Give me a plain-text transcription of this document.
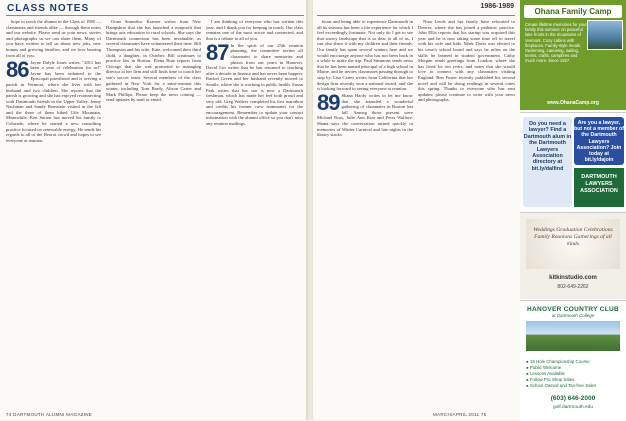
CLASS NOTES

hope to reach the alumni in the Class of 1985 — classmates and friends alike — through these notes and our website. Please send us your news, stories and photographs so we can share them. Many of you have written to tell us about new jobs, new homes and growing families, and we love hearing from all of you.

86 Jayne Dalyle Jones writes, "2011 has been a year of celebration for us!" Jayne has been ordained to the Episcopal priesthood and is serving a parish in Vermont, where she lives with her husband and two children. She reports that the parish is growing and she has enjoyed reconnecting with Dartmouth friends in the Upper Valley. Jenny Nachman and Sandy Bernstein visited in the fall and the three of them hiked Gile Mountain. Meanwhile, Ken Sutton has moved his family to Colorado, where he started a new consulting practice focused on renewable energy. He sends his regards to all of the Heorot crowd and hopes to see everyone at reunion.

Oona Stramiluc Kramer writes from New Hampshire that she has launched a nonprofit that brings arts education to rural schools. She says the Dartmouth connection has been invaluable, as several classmates have volunteered their time. Bill Thompson and his wife, Kate, welcomed their third child, a daughter, in October. Bill continues to practice law in Boston. Elena Ruiz reports from Chicago that she was promoted to managing director at her firm and still finds time to coach her son's soccer team. Several members of the class gathered in New York for a mini-reunion this winter, including Tom Brady, Alison Carter and Mark Phillips. Please keep the news coming — send updates by mail or email.

I am thinking of everyone who has written this year, and I thank you for keeping in touch. Our class remains one of the most active and connected, and that is a tribute to all of you.

87 In the spirit of our 25th reunion planning, the committee invites all classmates to share memories and photos from our years in Hanover. David Lin writes that he has returned to teaching after a decade in finance and has never been happier. Rachel Green and her husband recently moved to Seattle, where she is working in public health. Susan Park writes that her son is now a Dartmouth freshman, which has made her feel both proud and very old. Greg Walters completed his first marathon and credits his former crew teammates for the encouragement. Remember to update your contact information with the alumni office so you don't miss any reunion mailings.

74 DARTMOUTH ALUMNI MAGAZINE
1986-1989

boats and being able to experience Dartmouth in all its seasons has been a life experience for which I feel exceedingly fortunate. Not only do I get to see that snowy landscape that is so dear to all of us, I can also share it with my children and their friends. Our family has spent several winters here and we would encourage anyone who has not been back in a while to make the trip. Paul Simmons sends news that he has been named principal of a high school in Maine, and he invites classmates passing through to stop by. Lisa Carter writes from California that her design firm recently won a national award, and she is looking forward to seeing everyone at reunion.

89 Shana Hardy writes to let me know that she attended a wonderful gathering of classmates in Boston last fall. Among those present were Michael Ross, Julie Ann Kim and Peter Wallace. Shana says the conversation turned quickly to memories of Winter Carnival and late nights in the library stacks.

Nina Leeds and her family have relocated to Denver, where she has joined a pediatric practice. John Ellis reports that his startup was acquired this year and he is now taking some time off to travel with his wife and kids. Mark Davis was elected to his town's school board and says he relies on the skills he learned in student government. Cathy Morgan sends greetings from London, where she has lived for ten years, and notes that she would love to connect with any classmates visiting England. Ben Foster recently published his second novel and will be doing readings in several cities this spring. Thanks to everyone who has sent updates; please continue to write with your news and photographs.

MARCH/APRIL 2011 75
Ohana Family Camp
Create lifetime memories for your family this summer on peaceful lake fronts in the mountains of Vermont. Cozy cabins with fireplaces. Family-style meals. Swimming, canoeing, sailing, tennis, crafts, campfires and much more. Since 1927.
www.OhanaCamp.org
Do you need a lawyer? Find a Dartmouth alum in the Dartmouth Lawyers Association directory at bit.ly/dalfind
Are you a lawyer, but not a member of the Dartmouth Lawyers Association? Join today at bit.ly/dajoin
DARTMOUTH
LAWYERS
ASSOCIATION
Weddings Graduation Celebrations Family Reunions Gatherings of all kinds
kitkinstudio.com
802-649-2262
HANOVER COUNTRY CLUB
at Dartmouth College
● 18 Hole Championship Course
● Public Welcome
● Lessons Available
● Follow Pro Shop Sales
● School Owned and Tax-free Sales
(603) 646-2000
golf.dartmouth.edu
